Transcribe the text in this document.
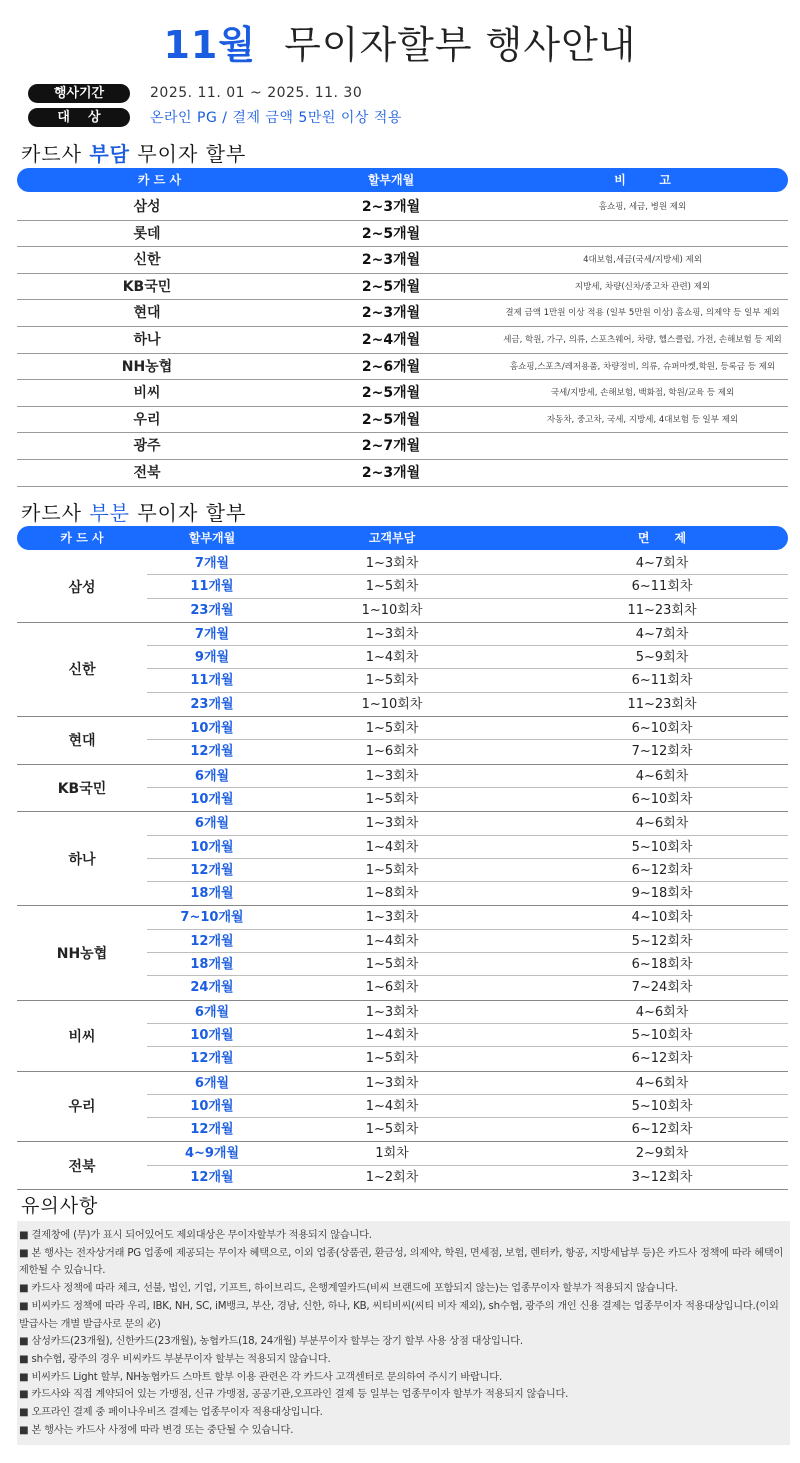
11월 무이자할부 행사안내
행사기간	2025. 11. 01 ~ 2025. 11. 30
대    상	온라인 PG / 결제 금액 5만원 이상 적용
카드사 부담 무이자 할부
카 드 사	할부개월	비        고
삼성	2~3개월	홈쇼핑, 세금, 병원 제외
롯데	2~5개월
신한	2~3개월	4대보험,세금(국세/지방세) 제외
KB국민	2~5개월	지방세, 차량(신차/중고차 관련) 제외
현대	2~3개월	결제 금액 1만원 이상 적용 (일부 5만원 이상) 홈쇼핑, 의제약 등 일부 제외
하나	2~4개월	세금, 학원, 가구, 의류, 스포츠웨어, 차량, 헬스클럽, 가전, 손해보험 등 제외
NH농협	2~6개월	홈쇼핑,스포츠/레저용품, 차량정비, 의류, 슈퍼마켓,학원, 등록금 등 제외
비씨	2~5개월	국세/지방세, 손해보험, 백화점, 학원/교육 등 제외
우리	2~5개월	자동차, 중고차, 국세, 지방세, 4대보험 등 일부 제외
광주	2~7개월
전북	2~3개월
카드사 부분 무이자 할부
카 드 사	할부개월	고객부담	면      제
삼성
7개월	1~3회차	4~7회차
11개월	1~5회차	6~11회차
23개월	1~10회차	11~23회차
신한
7개월	1~3회차	4~7회차
9개월	1~4회차	5~9회차
11개월	1~5회차	6~11회차
23개월	1~10회차	11~23회차
현대
10개월	1~5회차	6~10회차
12개월	1~6회차	7~12회차
KB국민
6개월	1~3회차	4~6회차
10개월	1~5회차	6~10회차
하나
6개월	1~3회차	4~6회차
10개월	1~4회차	5~10회차
12개월	1~5회차	6~12회차
18개월	1~8회차	9~18회차
NH농협
7~10개월	1~3회차	4~10회차
12개월	1~4회차	5~12회차
18개월	1~5회차	6~18회차
24개월	1~6회차	7~24회차
비씨
6개월	1~3회차	4~6회차
10개월	1~4회차	5~10회차
12개월	1~5회차	6~12회차
우리
6개월	1~3회차	4~6회차
10개월	1~4회차	5~10회차
12개월	1~5회차	6~12회차
전북
4~9개월	1회차	2~9회차
12개월	1~2회차	3~12회차
유의사항

■ 결제창에 (무)가 표시 되어있어도 제외대상은 무이자할부가 적용되지 않습니다.

■ 본 행사는 전자상거래 PG 업종에 제공되는 무이자 혜택으로, 이외 업종(상품권, 환금성, 의제약, 학원, 면세점, 보험, 렌터카, 항공, 지방세납부 등)은 카드사 정책에 따라 혜택이 제한될 수 있습니다.

■ 카드사 정책에 따라 체크, 선불, 법인, 기업, 기프트, 하이브리드, 은행계열카드(비씨 브랜드에 포함되지 않는)는 업종무이자 할부가 적용되지 않습니다.

■ 비씨카드 정책에 따라 우리, IBK, NH, SC, iM뱅크, 부산, 경남, 신한, 하나, KB, 씨티비씨(씨티 비자 제외), sh수협, 광주의 개인 신용 결제는 업종무이자 적용대상입니다.(이외 발급사는 개별 발급사로 문의 必)

■ 삼성카드(23개월), 신한카드(23개월), 농협카드(18, 24개월) 부분무이자 할부는 장기 할부 사용 상점 대상입니다.

■ sh수협, 광주의 경우 비씨카드 부분무이자 할부는 적용되지 않습니다.

■ 비씨카드 Light 할부, NH농협카드 스마트 할부 이용 관련은 각 카드사 고객센터로 문의하여 주시기 바랍니다.

■ 카드사와 직접 계약되어 있는 가맹점, 신규 가맹점, 공공기관,오프라인 결제 등 일부는 업종무이자 할부가 적용되지 않습니다.

■ 오프라인 결제 중 페이나우비즈 결제는 업종무이자 적용대상입니다.

■ 본 행사는 카드사 사정에 따라 변경 또는 중단될 수 있습니다.
